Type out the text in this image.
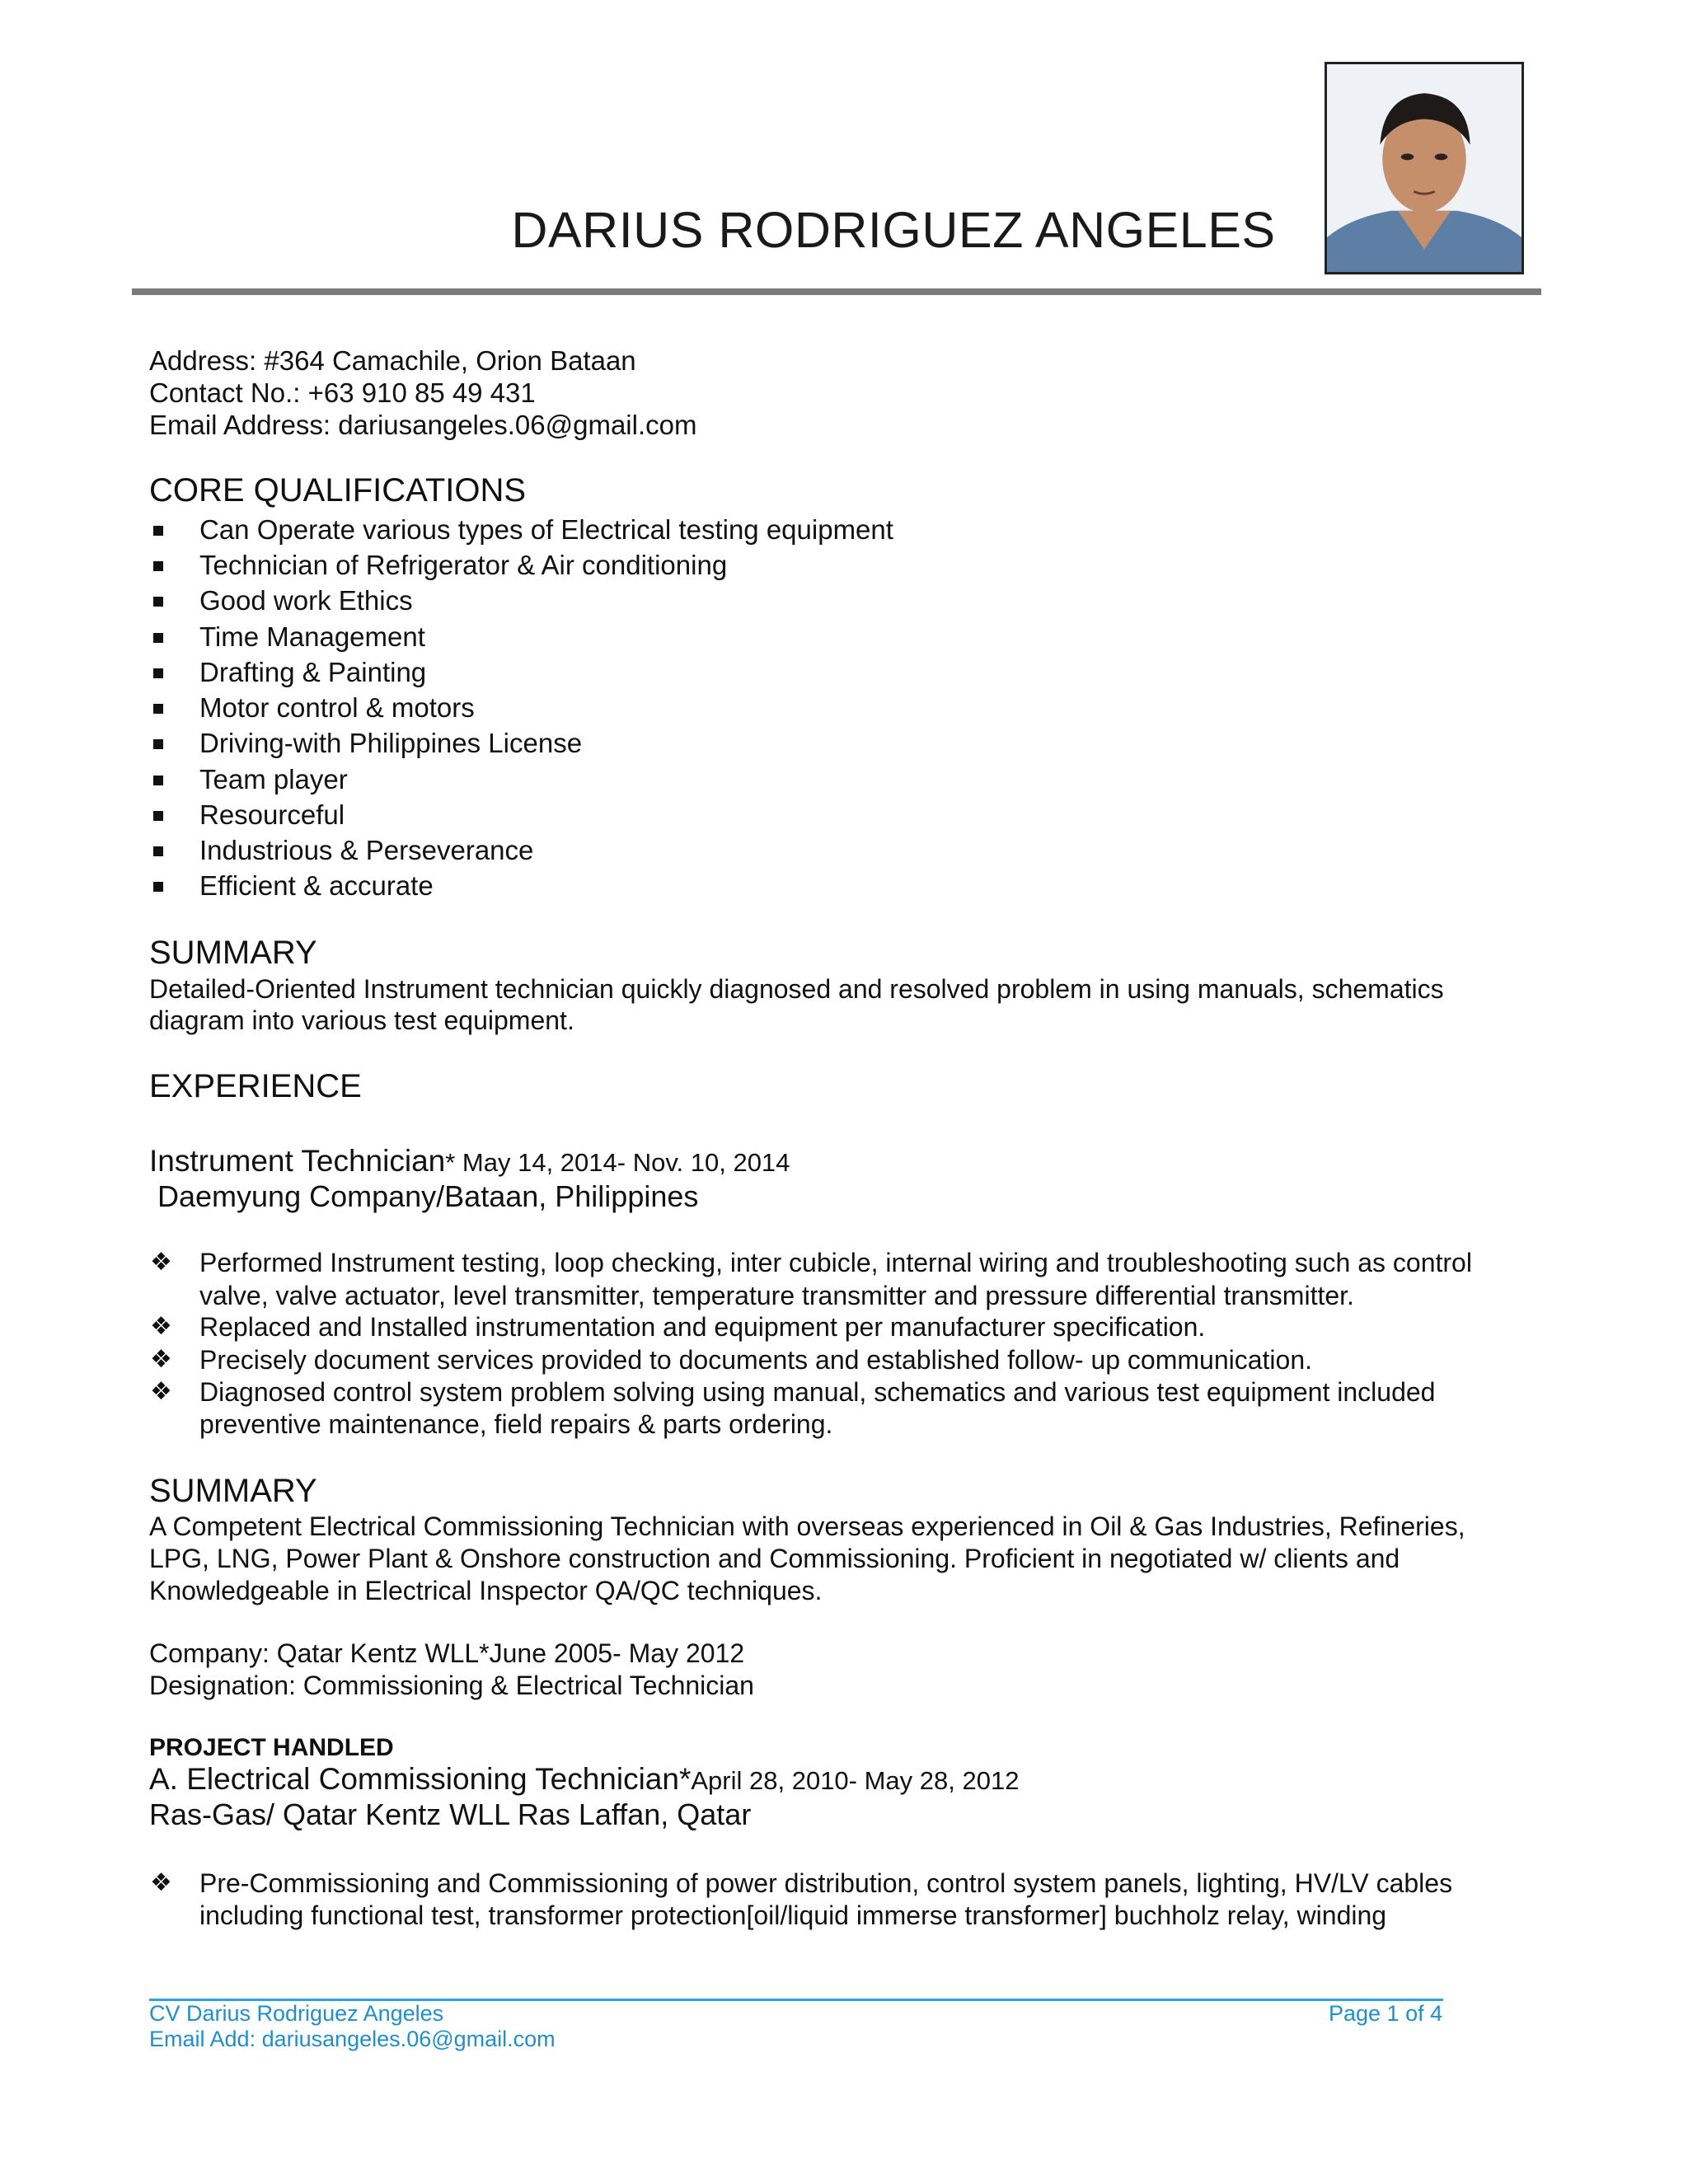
DARIUS RODRIGUEZ ANGELES
Address: #364 Camachile, Orion Bataan
Contact No.: +63 910 85 49 431
Email Address: dariusangeles.06@gmail.com
CORE QUALIFICATIONS
Can Operate various types of Electrical testing equipment
Technician of Refrigerator & Air conditioning
Good work Ethics
Time Management
Drafting & Painting
Motor control & motors
Driving-with Philippines License
Team player
Resourceful
Industrious & Perseverance
Efficient & accurate
SUMMARY
Detailed-Oriented Instrument technician quickly diagnosed and resolved problem in using manuals, schematics
diagram into various test equipment.
EXPERIENCE
Instrument Technician* May 14, 2014- Nov. 10, 2014
Daemyung Company/Bataan, Philippines
❖ Performed Instrument testing, loop checking, inter cubicle, internal wiring and troubleshooting such as control
valve, valve actuator, level transmitter, temperature transmitter and pressure differential transmitter.
❖ Replaced and Installed instrumentation and equipment per manufacturer specification.
❖ Precisely document services provided to documents and established follow- up communication.
❖ Diagnosed control system problem solving using manual, schematics and various test equipment included
preventive maintenance, field repairs & parts ordering.
SUMMARY
A Competent Electrical Commissioning Technician with overseas experienced in Oil & Gas Industries, Refineries,
LPG, LNG, Power Plant & Onshore construction and Commissioning. Proficient in negotiated w/ clients and
Knowledgeable in Electrical Inspector QA/QC techniques.
Company: Qatar Kentz WLL*June 2005- May 2012
Designation: Commissioning & Electrical Technician
PROJECT HANDLED
A. Electrical Commissioning Technician*April 28, 2010- May 28, 2012
Ras-Gas/ Qatar Kentz WLL Ras Laffan, Qatar
❖ Pre-Commissioning and Commissioning of power distribution, control system panels, lighting, HV/LV cables
including functional test, transformer protection[oil/liquid immerse transformer] buchholz relay, winding
CV Darius Rodriguez Angeles	Page 1 of 4
Email Add: dariusangeles.06@gmail.com
